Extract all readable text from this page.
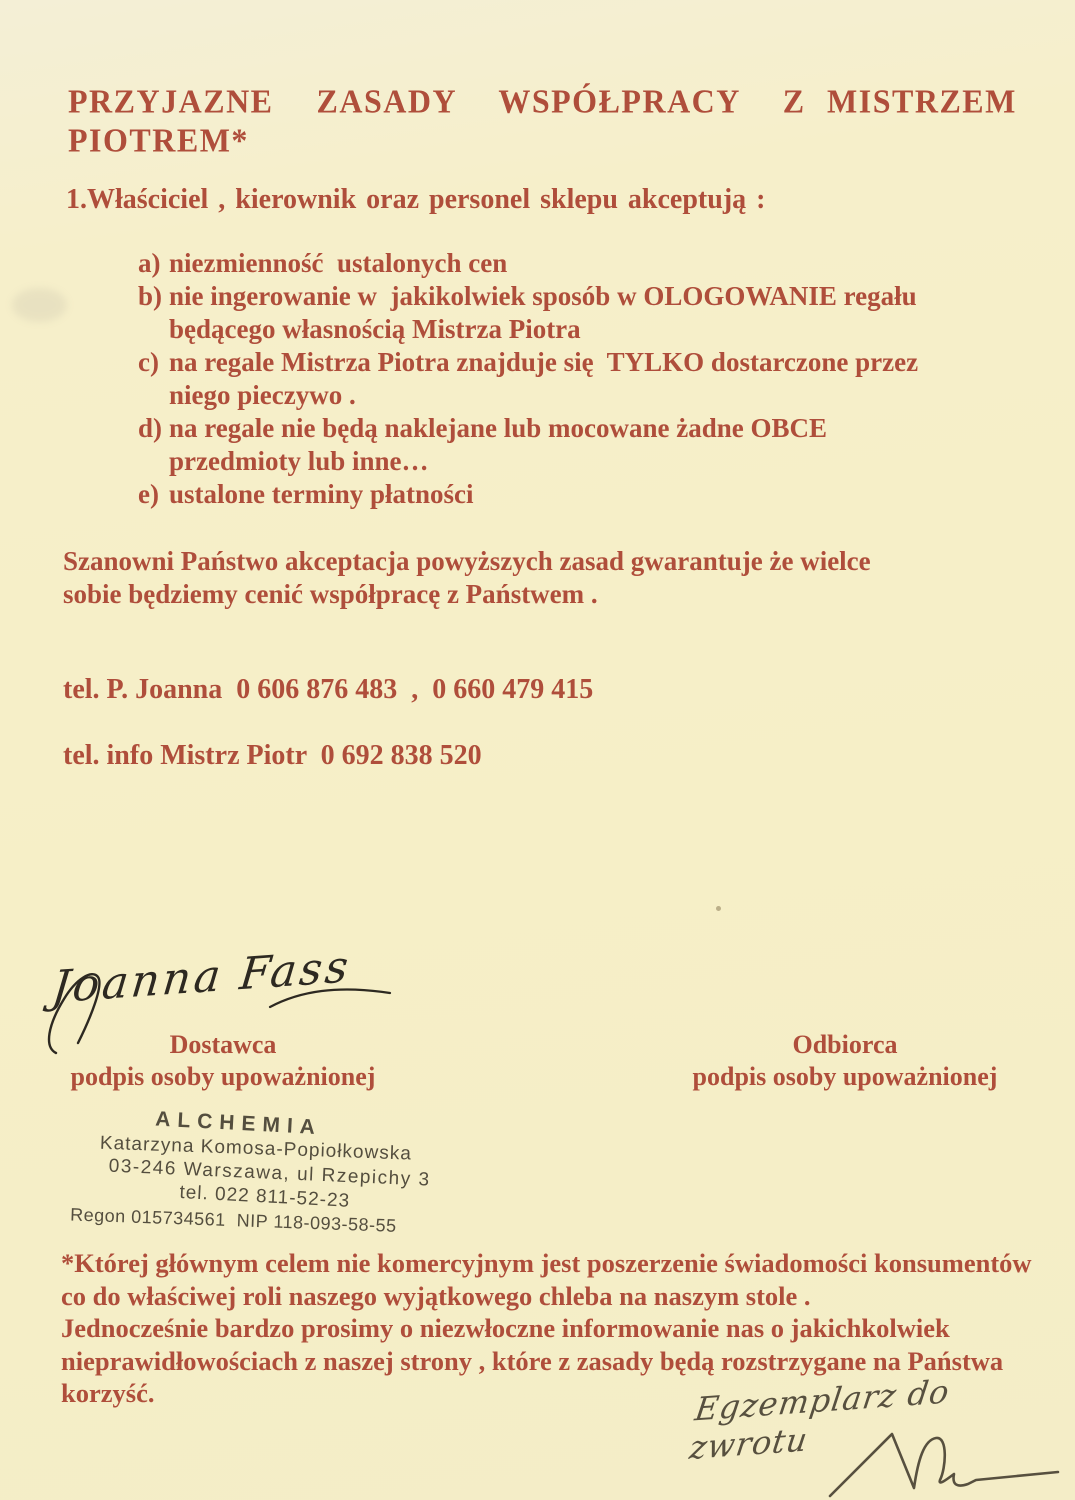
PRZYJAZNE  ZASADY  WSPÓŁPRACY  Z MISTRZEM  PIOTREM*
1.Właściciel , kierownik oraz personel sklepu akceptują :
a) niezmienność  ustalonych cen
b) nie ingerowanie w  jakikolwiek sposób w OLOGOWANIE regału
będącego własnością Mistrza Piotra
c) na regale Mistrza Piotra znajduje się  TYLKO dostarczone przez
niego pieczywo .
d) na regale nie będą naklejane lub mocowane żadne OBCE
przedmioty lub inne…
e) ustalone terminy płatności
Szanowni Państwo akceptacja powyższych zasad gwarantuje że wielce
sobie będziemy cenić współpracę z Państwem .
tel. P. Joanna  0 606 876 483  ,  0 660 479 415
tel. info Mistrz Piotr  0 692 838 520
Joanna Fass
Dostawca
podpis osoby upoważnionej
Odbiorca
podpis osoby upoważnionej
ALCHEMIA
Katarzyna Komosa-Popiołkowska
03-246 Warszawa, ul Rzepichy 3
tel. 022 811-52-23
Regon 015734561  NIP 118-093-58-55
*Której głównym celem nie komercyjnym jest poszerzenie świadomości konsumentów
co do właściwej roli naszego wyjątkowego chleba na naszym stole .
Jednocześnie bardzo prosimy o niezwłoczne informowanie nas o jakichkolwiek
nieprawidłowościach z naszej strony , które z zasady będą rozstrzygane na Państwa
korzyść.	Egzemplarz do zwrotu
